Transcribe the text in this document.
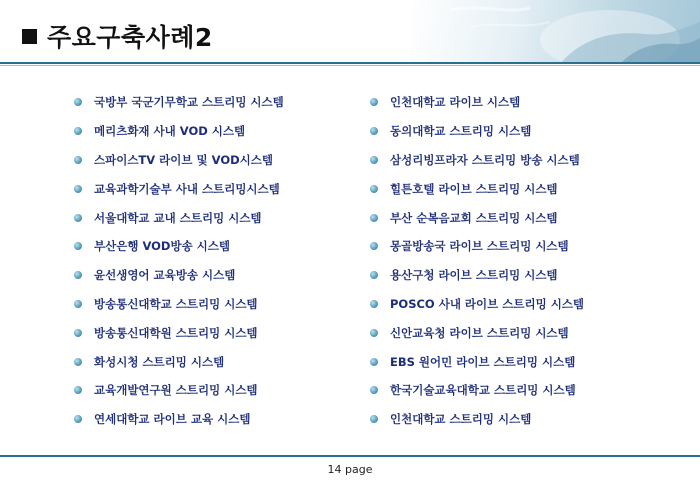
주요구축사례2
국방부 국군기무학교 스트리밍 시스템
메리츠화재 사내 VOD 시스템
스파이스TV 라이브 및 VOD시스템
교육과학기술부 사내 스트리밍시스템
서울대학교 교내 스트리밍 시스템
부산은행 VOD방송 시스템
윤선생영어 교육방송 시스템
방송통신대학교 스트리밍 시스템
방송통신대학원 스트리밍 시스템
화성시청 스트리밍 시스템
교육개발연구원 스트리밍 시스템
연세대학교 라이브 교육 시스템
인천대학교 라이브 시스템
동의대학교 스트리밍 시스템
삼성리빙프라자 스트리밍 방송 시스템
힐튼호텔 라이브 스트리밍 시스템
부산 순복음교회 스트리밍 시스템
몽골방송국 라이브 스트리밍 시스템
용산구청 라이브 스트리밍 시스템
POSCO 사내 라이브 스트리밍 시스템
신안교육청 라이브 스트리밍 시스템
EBS 원어민 라이브 스트리밍 시스템
한국기술교육대학교 스트리밍 시스템
인천대학교 스트리밍 시스템
14 page
